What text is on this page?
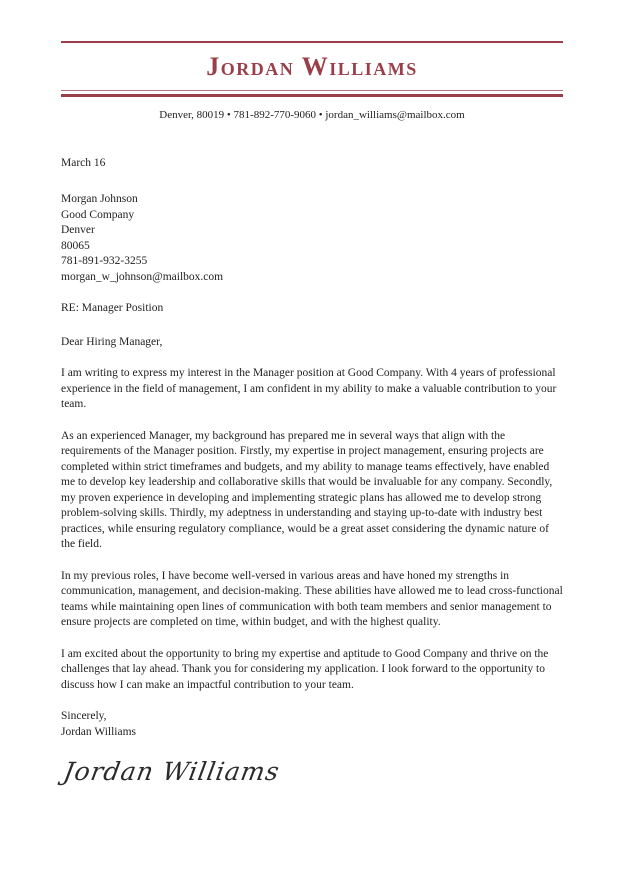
Jordan Williams
Denver, 80019 • 781-892-770-9060 • jordan_williams@mailbox.com

March 16

Morgan Johnson
Good Company
Denver
80065
781-891-932-3255
morgan_w_johnson@mailbox.com

RE: Manager Position

Dear Hiring Manager,

I am writing to express my interest in the Manager position at Good Company. With 4 years of professional experience in the field of management, I am confident in my ability to make a valuable contribution to your team.

As an experienced Manager, my background has prepared me in several ways that align with the requirements of the Manager position. Firstly, my expertise in project management, ensuring projects are completed within strict timeframes and budgets, and my ability to manage teams effectively, have enabled me to develop key leadership and collaborative skills that would be invaluable for any company. Secondly, my proven experience in developing and implementing strategic plans has allowed me to develop strong problem-solving skills. Thirdly, my adeptness in understanding and staying up-to-date with industry best practices, while ensuring regulatory compliance, would be a great asset considering the dynamic nature of the field.

In my previous roles, I have become well-versed in various areas and have honed my strengths in communication, management, and decision-making. These abilities have allowed me to lead cross-functional teams while maintaining open lines of communication with both team members and senior management to ensure projects are completed on time, within budget, and with the highest quality.

I am excited about the opportunity to bring my expertise and aptitude to Good Company and thrive on the challenges that lay ahead. Thank you for considering my application. I look forward to the opportunity to discuss how I can make an impactful contribution to your team.

Sincerely,
Jordan Williams
Jordan Williams
